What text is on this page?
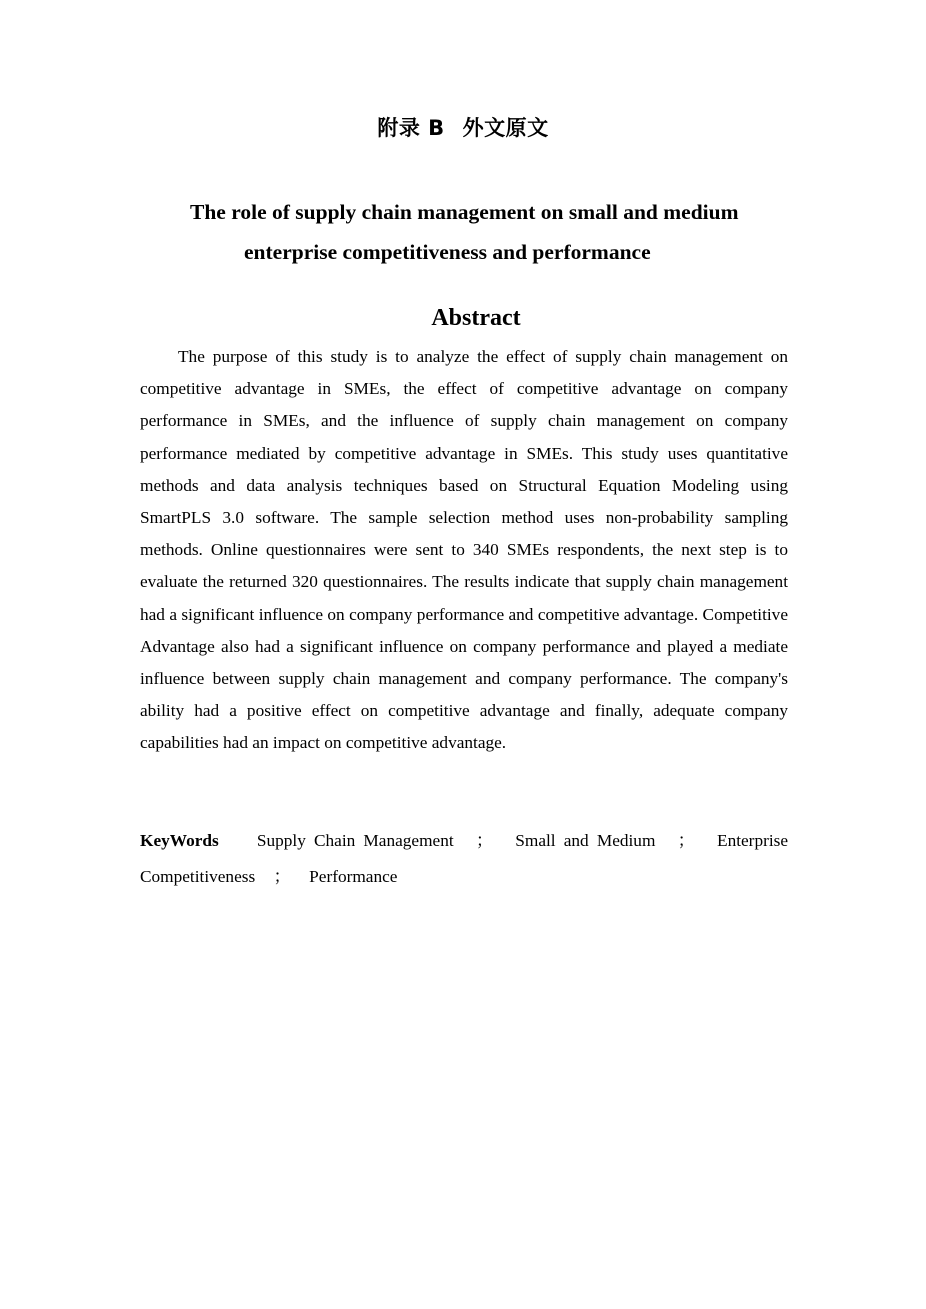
附录 B 外文原文
The role of supply chain management on small and medium
enterprise competitiveness and performance
Abstract

The purpose of this study is to analyze the effect of supply chain management on competitive advantage in SMEs, the effect of competitive advantage on company performance in SMEs, and the influence of supply chain management on company performance mediated by competitive advantage in SMEs. This study uses quantitative methods and data analysis techniques based on Structural Equation Modeling using SmartPLS 3.0 software. The sample selection method uses non-probability sampling methods. Online questionnaires were sent to 340 SMEs respondents, the next step is to evaluate the returned 320 questionnaires. The results indicate that supply chain management had a significant influence on company performance and competitive advantage. Competitive Advantage also had a significant influence on company performance and played a mediate influence between supply chain management and company performance. The company's ability had a positive effect on competitive advantage and finally, adequate company capabilities had an impact on competitive advantage.

KeyWords Supply Chain Management ； Small and Medium ； Enterprise Competitiveness ； Performance
